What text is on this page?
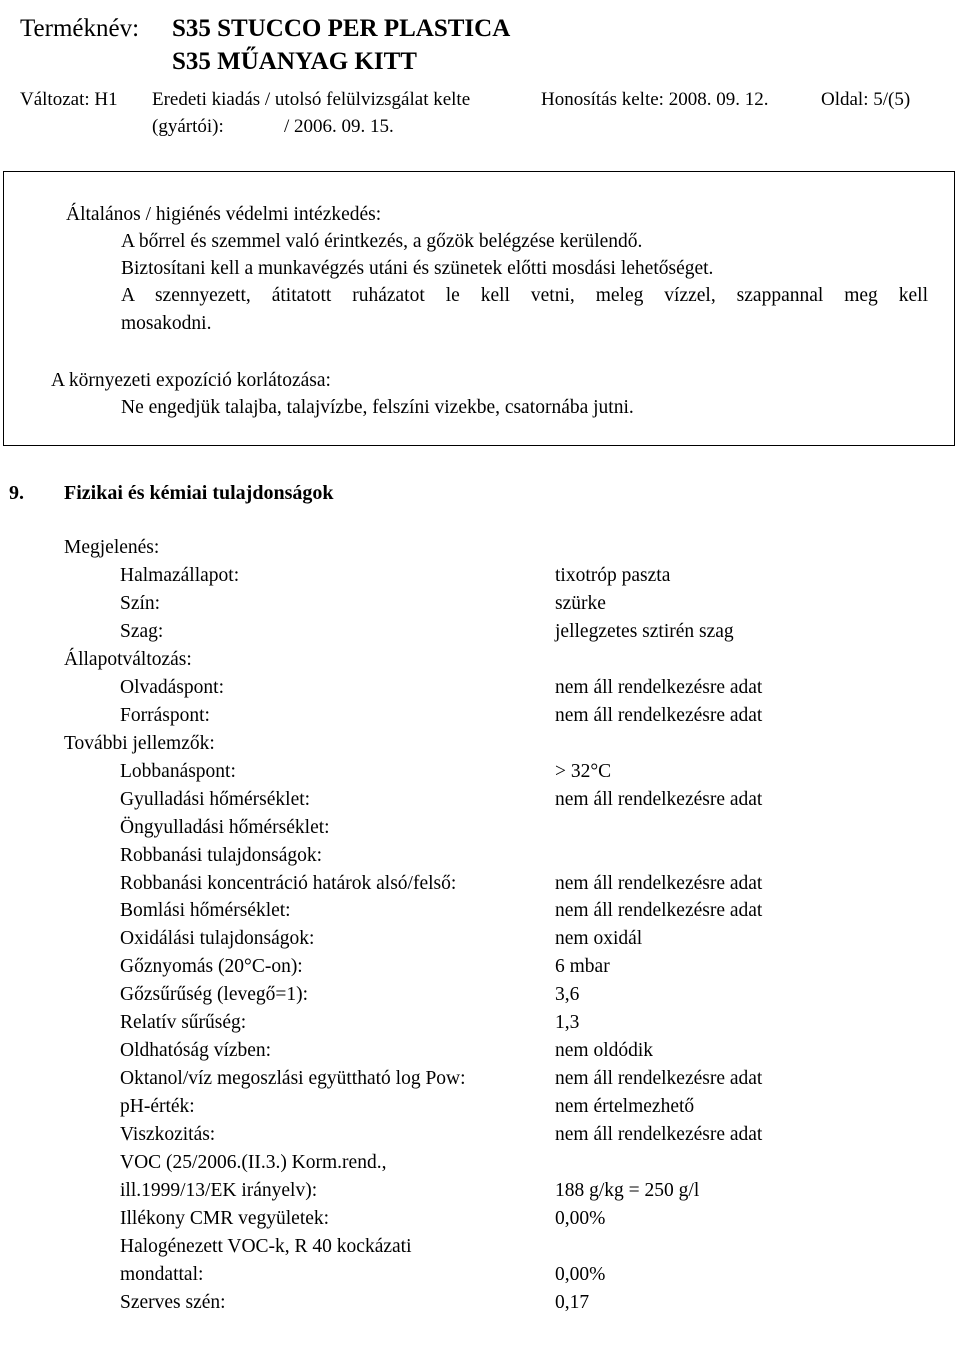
Terméknév: S35 STUCCO PER PLASTICA
S35 MŰANYAG KITT
Változat: H1 Eredeti kiadás / utolsó felülvizsgálat kelte
(gyártói):	/ 2006. 09. 15.
Honosítás kelte: 2008. 09. 12.	Oldal: 5/(5)
Általános / higiénés védelmi intézkedés:
A bőrrel és szemmel való érintkezés, a gőzök belégzése kerülendő.
Biztosítani kell a munkavégzés utáni és szünetek előtti mosdási lehetőséget.
A szennyezett, átitatott ruházatot le kell vetni, meleg vízzel, szappannal meg kell
mosakodni.
A környezeti expozíció korlátozása:
Ne engedjük talajba, talajvízbe, felszíni vizekbe, csatornába jutni.
9. Fizikai és kémiai tulajdonságok
Megjelenés:
Halmazállapot:	tixotróp paszta
Szín:	szürke
Szag:	jellegzetes sztirén szag
Állapotváltozás:
Olvadáspont:	nem áll rendelkezésre adat
Forráspont:	nem áll rendelkezésre adat
További jellemzők:
Lobbanáspont:	> 32°C
Gyulladási hőmérséklet:	nem áll rendelkezésre adat
Öngyulladási hőmérséklet:
Robbanási tulajdonságok:
Robbanási koncentráció határok alsó/felső:	nem áll rendelkezésre adat
Bomlási hőmérséklet:	nem áll rendelkezésre adat
Oxidálási tulajdonságok:	nem oxidál
Gőznyomás (20°C-on):	6 mbar
Gőzsűrűség (levegő=1):	3,6
Relatív sűrűség:	1,3
Oldhatóság vízben:	nem oldódik
Oktanol/víz megoszlási együttható log Pow:	nem áll rendelkezésre adat
pH-érték:	nem értelmezhető
Viszkozitás:	nem áll rendelkezésre adat
VOC (25/2006.(II.3.) Korm.rend.,
ill.1999/13/EK irányelv):	188 g/kg = 250 g/l
Illékony CMR vegyületek:	0,00%
Halogénezett VOC-k, R 40 kockázati
mondattal:	0,00%
Szerves szén:	0,17
